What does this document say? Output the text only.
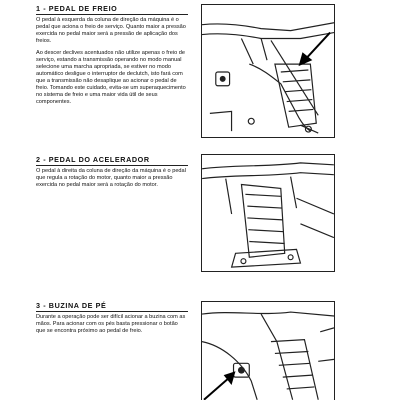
1 - PEDAL DE FREIO

O pedal à esquerda da coluna de direção da máquina é o pedal que aciona o freio de serviço. Quanto maior a pressão exercida no pedal maior será a pressão de aplicação dos freios.

Ao descer declives acentuados não utilize apenas o freio de serviço, estando a transmissão operando no modo manual selecione uma marcha apropriada, se estiver no modo automático desligue o interruptor de declutch, isto fará com que a transmissão não desaplique ao acionar o pedal de freio. Tomando este cuidado, evita-se um superaquecimento no sistema de freio e uma maior vida útil de seus componentes.

2 - PEDAL DO ACELERADOR

O pedal à direita da coluna de direção da máquina é o pedal que regula a rotação do motor, quanto maior a pressão exercida no pedal maior será a rotação do motor.

3 - BUZINA DE PÉ

Durante a operação pode ser difícil acionar a buzina com as mãos. Para acionar com os pés basta pressionar o botão que se encontra próximo ao pedal de freio.
